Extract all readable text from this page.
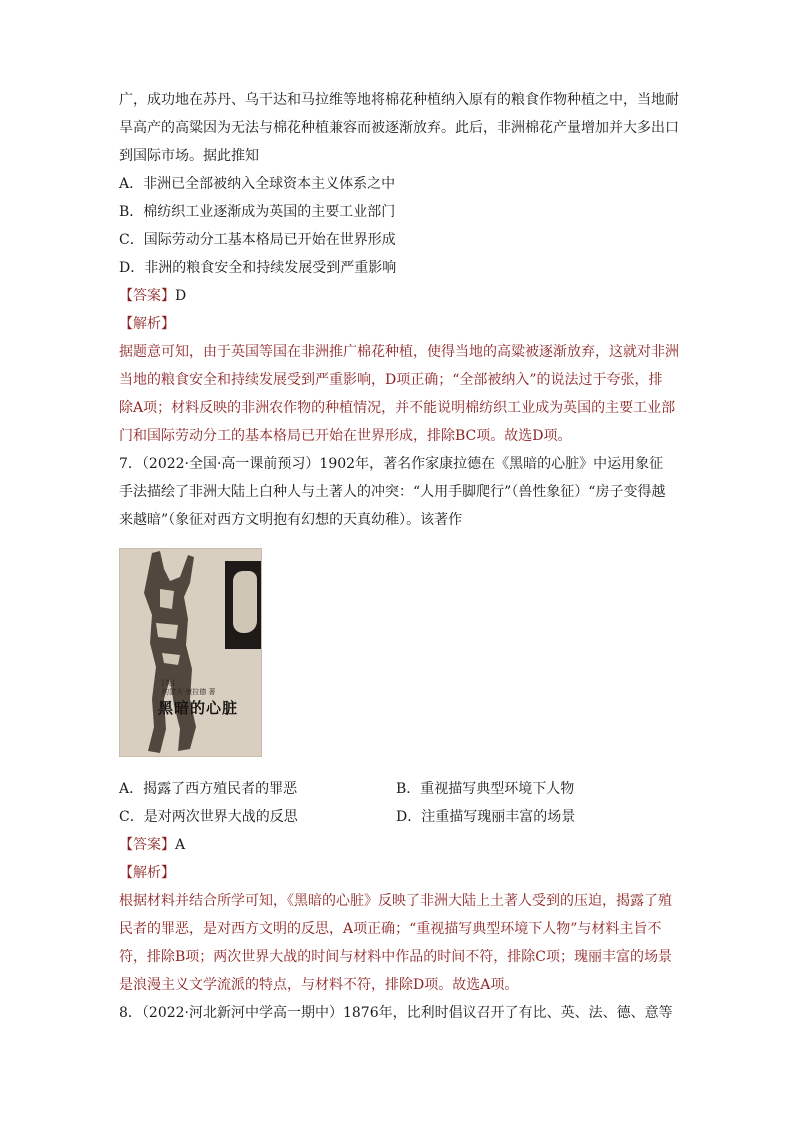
广，成功地在苏丹、乌干达和马拉维等地将棉花种植纳入原有的粮食作物种植之中，当地耐
旱高产的高粱因为无法与棉花种植兼容而被逐渐放弃。此后，非洲棉花产量增加并大多出口
到国际市场。据此推知
A．非洲已全部被纳入全球资本主义体系之中
B．棉纺织工业逐渐成为英国的主要工业部门
C．国际劳动分工基本格局已开始在世界形成
D．非洲的粮食安全和持续发展受到严重影响
【答案】D
【解析】
据题意可知，由于英国等国在非洲推广棉花种植，使得当地的高粱被逐渐放弃，这就对非洲
当地的粮食安全和持续发展受到严重影响，D项正确；“全部被纳入”的说法过于夸张，排
除A项；材料反映的非洲农作物的种植情况，并不能说明棉纺织工业成为英国的主要工业部
门和国际劳动分工的基本格局已开始在世界形成，排除BC项。故选D项。
7．（2022·全国·高一课前预习）1902年，著名作家康拉德在《黑暗的心脏》中运用象征
手法描绘了非洲大陆上白种人与土著人的冲突：“人用手脚爬行”（兽性象征）“房子变得越
来越暗”（象征对西方文明抱有幻想的天真幼稚）。该著作
[英]
约瑟夫·康拉德 著
黑暗的心脏
A．揭露了西方殖民者的罪恶	B．重视描写典型环境下人物
C．是对两次世界大战的反思	D．注重描写瑰丽丰富的场景
【答案】A
【解析】
根据材料并结合所学可知，《黑暗的心脏》反映了非洲大陆上土著人受到的压迫，揭露了殖
民者的罪恶，是对西方文明的反思，A项正确；“重视描写典型环境下人物”与材料主旨不
符，排除B项；两次世界大战的时间与材料中作品的时间不符，排除C项；瑰丽丰富的场景
是浪漫主义文学流派的特点，与材料不符，排除D项。故选A项。
8．（2022·河北新河中学高一期中）1876年，比利时倡议召开了有比、英、法、德、意等
